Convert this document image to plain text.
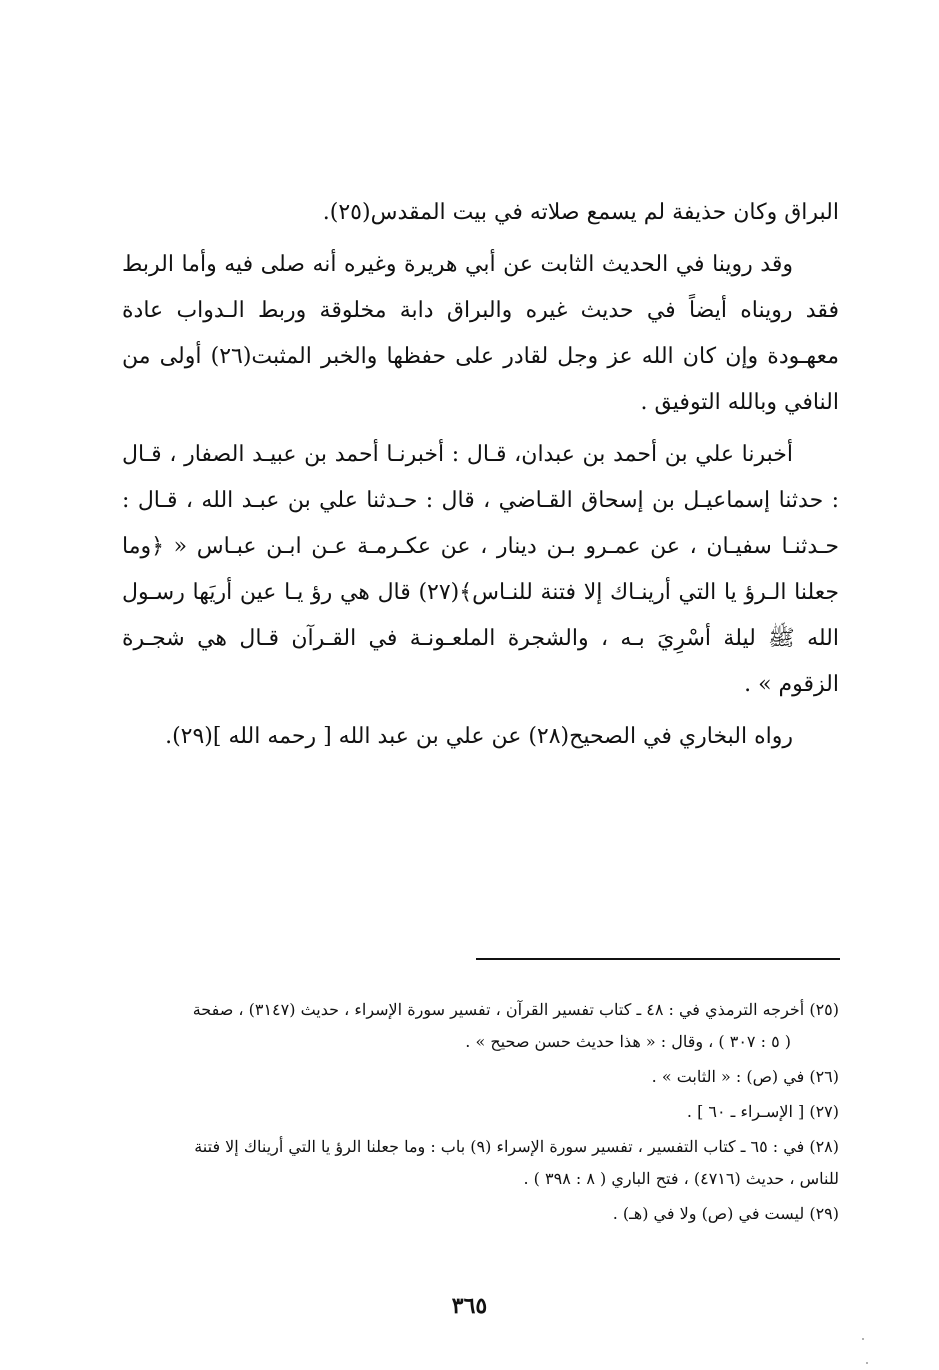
البراق وكان حذيفة لم يسمع صلاته في بيت المقدس(٢٥).

وقد روينا في الحديث الثابت عن أبي هريرة وغيره أنه صلى فيه وأما الربط فقد رويناه أيضاً في حديث غيره والبراق دابة مخلوقة وربط الـدواب عادة معهـودة وإن كان الله عز وجل لقادر على حفظها والخبر المثبت(٢٦) أولى من النافي وبالله التوفيق .

أخبرنا علي بن أحمد بن عبدان، قـال : أخبرنـا أحمد بن عبيـد الصفار ، قـال : حدثنا إسماعيـل بن إسحاق القـاضي ، قال : حـدثنا علي بن عبـد الله ، قـال : حـدثنـا سفيـان ، عن عمـرو بـن دينار ، عن عكـرمـة عـن ابـن عبـاس « ﴿وما جعلنا الـرؤ يا التي أرينـاك إلا فتنة للنـاس﴾(٢٧) قال هي رؤ يـا عين أريَها رسـول الله ﷺ ليلة أسْرِيَ بـه ، والشجرة الملعـونـة في القـرآن قـال هي شجـرة الزقوم » .

رواه البخاري في الصحيح(٢٨) عن علي بن عبد الله [ رحمه الله ](٢٩).

(٢٥) أخرجه الترمذي في : ٤٨ ـ كتاب تفسير القرآن ، تفسير سورة الإسراء ، حديث (٣١٤٧) ، صفحة
( ٥ : ٣٠٧ ) ، وقال : « هذا حديث حسن صحيح » .
(٢٦) في (ص) : « الثابت » .
(٢٧) [ الإسـراء ـ ٦٠ ] .
(٢٨) في : ٦٥ ـ كتاب التفسير ، تفسير سورة الإسراء (٩) باب : وما جعلنا الرؤ يا التي أريناك إلا فتنة
للناس ، حديث (٤٧١٦) ، فتح الباري ( ٨ : ٣٩٨ ) .
(٢٩) ليست في (ص) ولا في (هـ) .
٣٦٥
